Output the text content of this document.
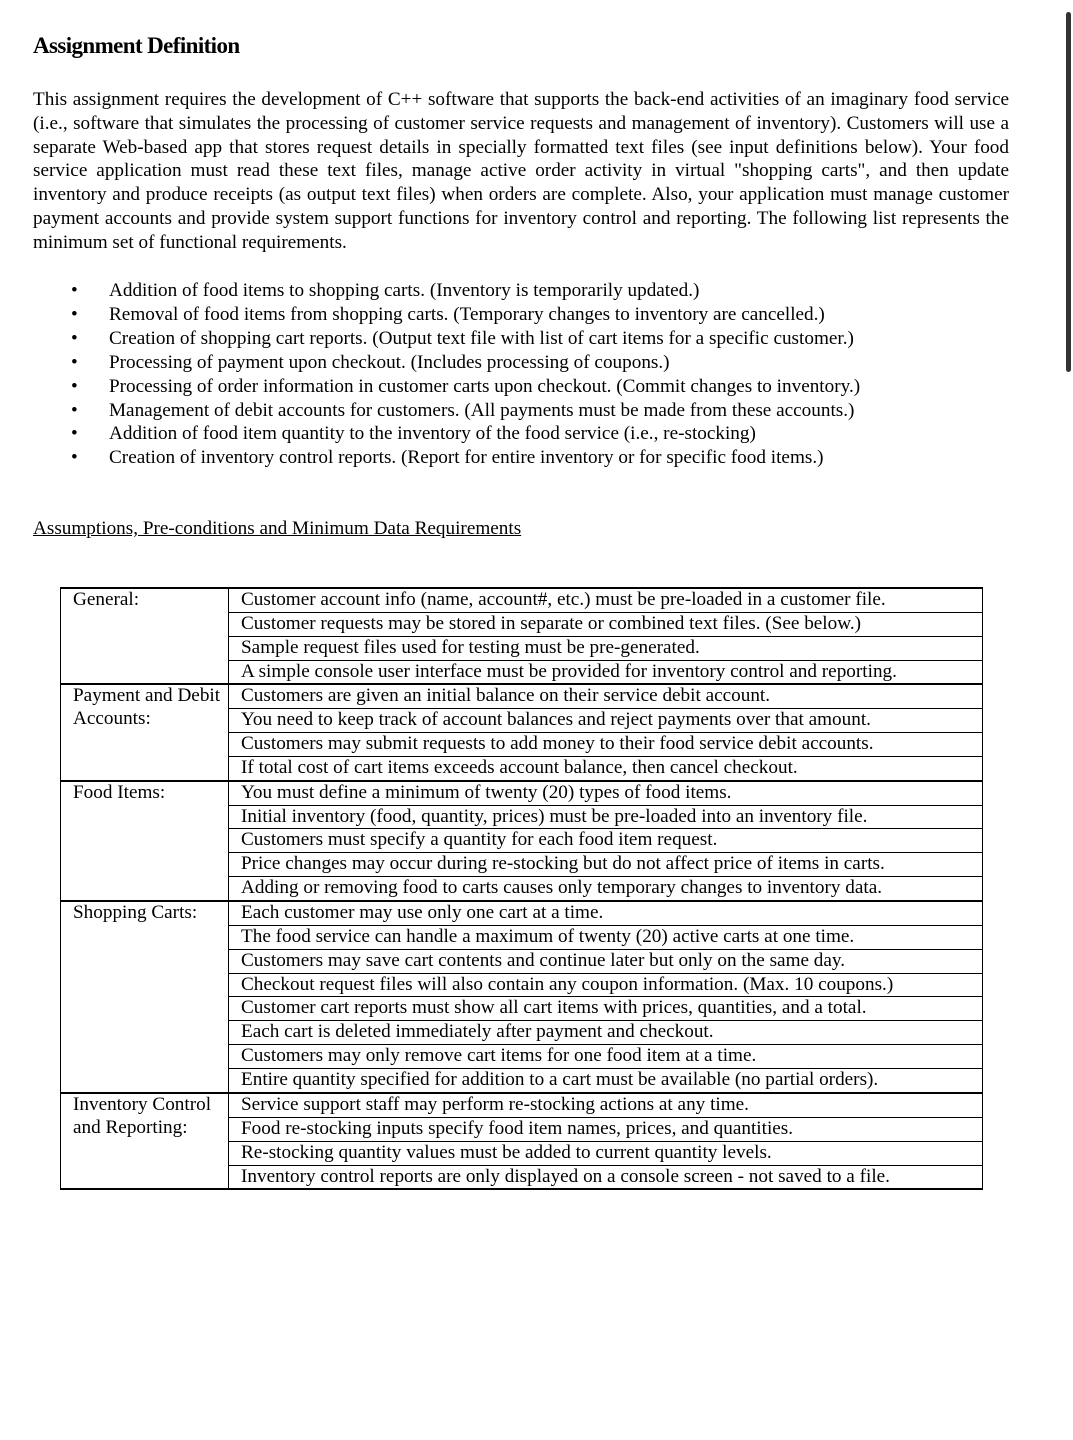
Assignment Definition

This assignment requires the development of C++ software that supports the back-end activities of an imaginary food service (i.e., software that simulates the processing of customer service requests and management of inventory). Customers will use a separate Web-based app that stores request details in specially formatted text files (see input definitions below). Your food service application must read these text files, manage active order activity in virtual "shopping carts", and then update inventory and produce receipts (as output text files) when orders are complete. Also, your application must manage customer payment accounts and provide system support functions for inventory control and reporting. The following list represents the minimum set of functional requirements.

• Addition of food items to shopping carts. (Inventory is temporarily updated.)
• Removal of food items from shopping carts. (Temporary changes to inventory are cancelled.)
• Creation of shopping cart reports. (Output text file with list of cart items for a specific customer.)
• Processing of payment upon checkout. (Includes processing of coupons.)
• Processing of order information in customer carts upon checkout. (Commit changes to inventory.)
• Management of debit accounts for customers. (All payments must be made from these accounts.)
• Addition of food item quantity to the inventory of the food service (i.e., re-stocking)
• Creation of inventory control reports. (Report for entire inventory or for specific food items.)
Assumptions, Pre-conditions and Minimum Data Requirements
General:	Customer account info (name, account#, etc.) must be pre-loaded in a customer file.
	Customer requests may be stored in separate or combined text files. (See below.)
	Sample request files used for testing must be pre-generated.
	A simple console user interface must be provided for inventory control and reporting.
Payment and Debit Accounts:	Customers are given an initial balance on their service debit account.
	You need to keep track of account balances and reject payments over that amount.
	Customers may submit requests to add money to their food service debit accounts.
	If total cost of cart items exceeds account balance, then cancel checkout.
Food Items:	You must define a minimum of twenty (20) types of food items.
	Initial inventory (food, quantity, prices) must be pre-loaded into an inventory file.
	Customers must specify a quantity for each food item request.
	Price changes may occur during re-stocking but do not affect price of items in carts.
	Adding or removing food to carts causes only temporary changes to inventory data.
Shopping Carts:	Each customer may use only one cart at a time.
	The food service can handle a maximum of twenty (20) active carts at one time.
	Customers may save cart contents and continue later but only on the same day.
	Checkout request files will also contain any coupon information. (Max. 10 coupons.)
	Customer cart reports must show all cart items with prices, quantities, and a total.
	Each cart is deleted immediately after payment and checkout.
	Customers may only remove cart items for one food item at a time.
	Entire quantity specified for addition to a cart must be available (no partial orders).
Inventory Control and Reporting:	Service support staff may perform re-stocking actions at any time.
	Food re-stocking inputs specify food item names, prices, and quantities.
	Re-stocking quantity values must be added to current quantity levels.
	Inventory control reports are only displayed on a console screen - not saved to a file.
